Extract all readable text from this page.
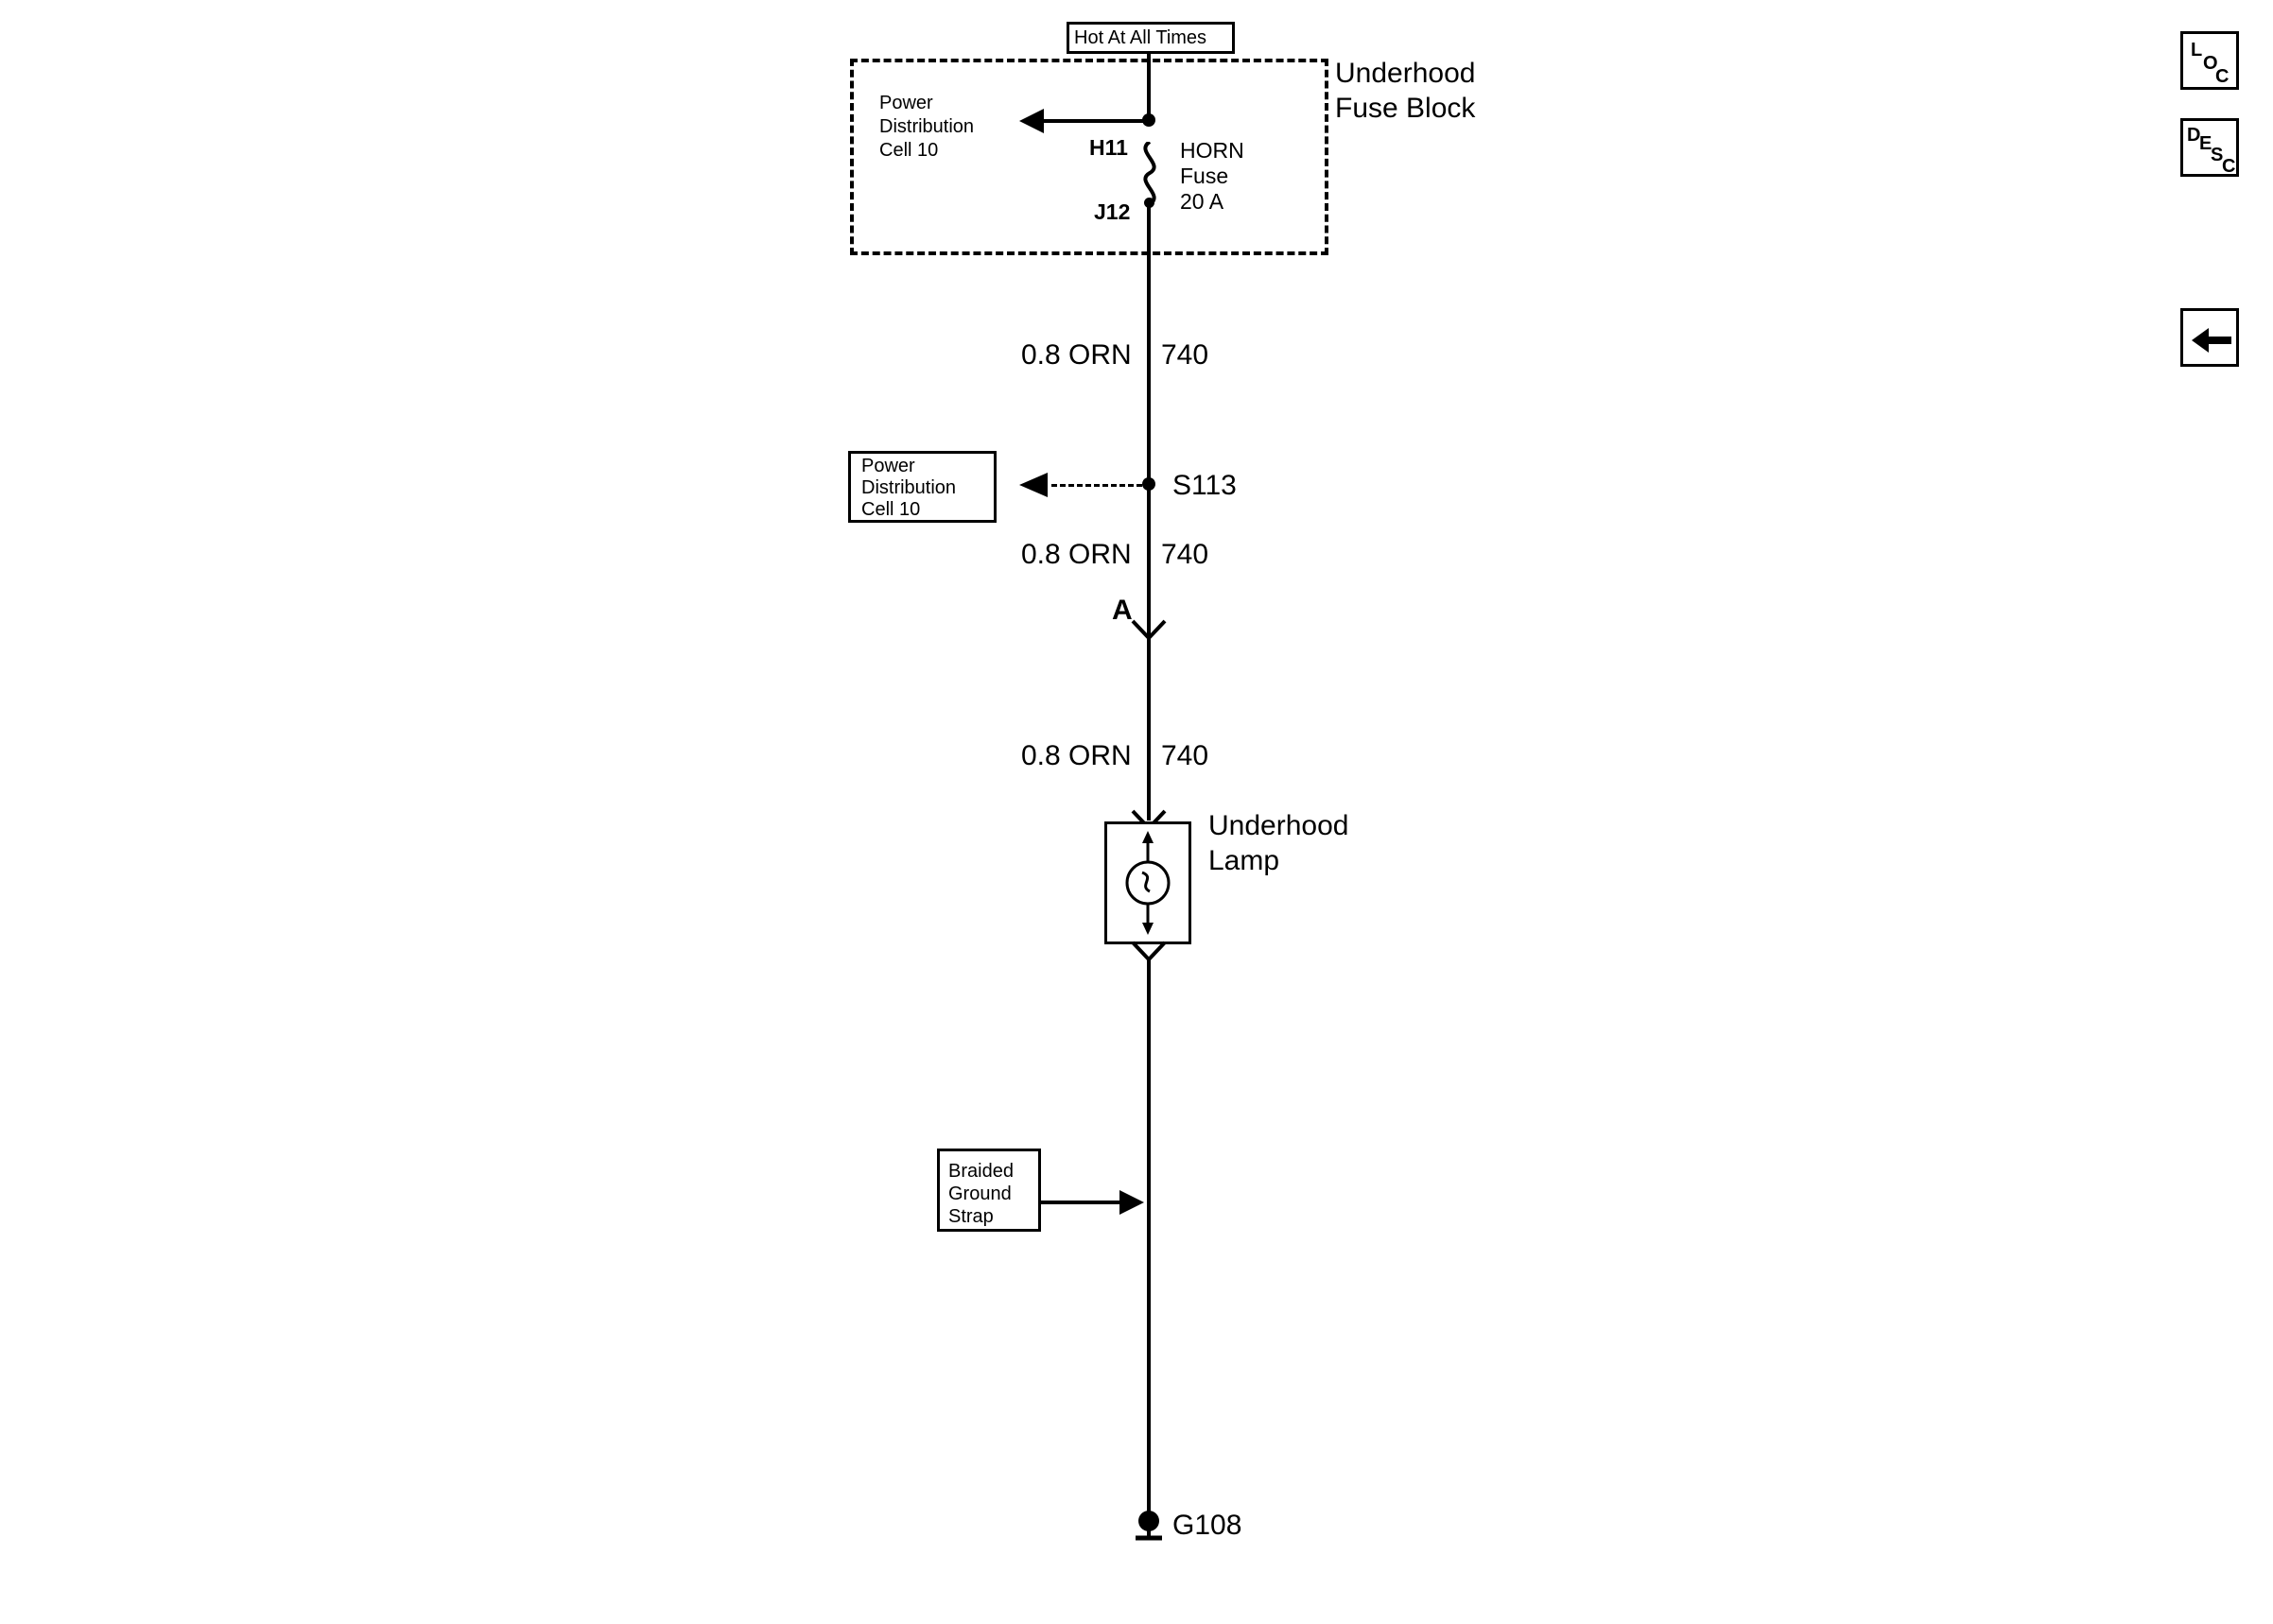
Hot At All Times
Underhood
Fuse Block
Power
Distribution
Cell 10	H11
J12
HORN
Fuse
20 A
0.8 ORN 740
S113
Power
Distribution
Cell 10
0.8 ORN 740
A
0.8 ORN 740
Underhood
Lamp
Braided
Ground
Strap
G108
L
O
C
D
E
S
C
